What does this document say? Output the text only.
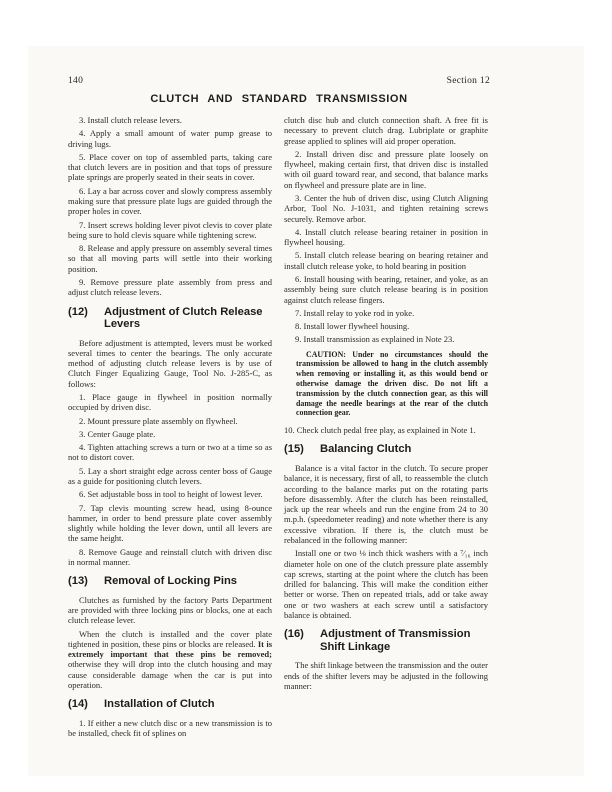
140	Section 12
CLUTCH AND STANDARD TRANSMISSION

3. Install clutch release levers.

4. Apply a small amount of water pump grease to driving lugs.

5. Place cover on top of assembled parts, taking care that clutch levers are in position and that tops of pressure plate springs are properly seated in their seats in cover.

6. Lay a bar across cover and slowly compress assembly making sure that pressure plate lugs are guided through the proper holes in cover.

7. Insert screws holding lever pivot clevis to cover plate being sure to hold clevis square while tightening screw.

8. Release and apply pressure on assembly several times so that all moving parts will settle into their working position.

9. Remove pressure plate assembly from press and adjust clutch release levers.

(12)	Adjustment of Clutch Release Levers

Before adjustment is attempted, levers must be worked several times to center the bearings. The only accurate method of adjusting clutch release levers is by use of Clutch Finger Equalizing Gauge, Tool No. J-285-C, as follows:

1. Place gauge in flywheel in position normally occupied by driven disc.

2. Mount pressure plate assembly on flywheel.

3. Center Gauge plate.

4. Tighten attaching screws a turn or two at a time so as not to distort cover.

5. Lay a short straight edge across center boss of Gauge as a guide for positioning clutch levers.

6. Set adjustable boss in tool to height of lowest lever.

7. Tap clevis mounting screw head, using 8-ounce hammer, in order to bend pressure plate cover assembly slightly while holding the lever down, until all levers are the same height.

8. Remove Gauge and reinstall clutch with driven disc in normal manner.

(13)	Removal of Locking Pins

Clutches as furnished by the factory Parts Department are provided with three locking pins or blocks, one at each clutch release lever.

When the clutch is installed and the cover plate tightened in position, these pins or blocks are released. It is extremely important that these pins be removed; otherwise they will drop into the clutch housing and may cause considerable damage when the car is put into operation.

(14)	Installation of Clutch

1. If either a new clutch disc or a new transmission is to be installed, check fit of splines on

clutch disc hub and clutch connection shaft. A free fit is necessary to prevent clutch drag. Lubriplate or graphite grease applied to splines will aid proper operation.

2. Install driven disc and pressure plate loosely on flywheel, making certain first, that driven disc is installed with oil guard toward rear, and second, that balance marks on flywheel and pressure plate are in line.

3. Center the hub of driven disc, using Clutch Aligning Arbor, Tool No. J-1031, and tighten retaining screws securely. Remove arbor.

4. Install clutch release bearing retainer in position in flywheel housing.

5. Install clutch release bearing on bearing retainer and install clutch release yoke, to hold bearing in position

6. Install housing with bearing, retainer, and yoke, as an assembly being sure clutch release bearing is in position against clutch release fingers.

7. Install relay to yoke rod in yoke.

8. Install lower flywheel housing.

9. Install transmission as explained in Note 23.

CAUTION: Under no circumstances should the transmission be allowed to hang in the clutch assembly when removing or installing it, as this would bend or otherwise damage the driven disc. Do not lift a transmission by the clutch connection gear, as this will damage the needle bearings at the rear of the clutch connection gear.

10. Check clutch pedal free play, as explained in Note 1.

(15)	Balancing Clutch

Balance is a vital factor in the clutch. To secure proper balance, it is necessary, first of all, to reassemble the clutch according to the balance marks put on the rotating parts before disassembly. After the clutch has been reinstalled, jack up the rear wheels and run the engine from 24 to 30 m.p.h. (speedometer reading) and note whether there is any excessive vibration. If there is, the clutch must be rebalanced in the following manner:

Install one or two ⅛ inch thick washers with a ⁷⁄₁₆ inch diameter hole on one of the clutch pressure plate assembly cap screws, starting at the point where the clutch has been drilled for balancing. This will make the condition either better or worse. Then on repeated trials, add or take away one or two washers at each screw until a satisfactory balance is obtained.

(16)	Adjustment of Transmission Shift Linkage

The shift linkage between the transmission and the outer ends of the shifter levers may be adjusted in the following manner:
